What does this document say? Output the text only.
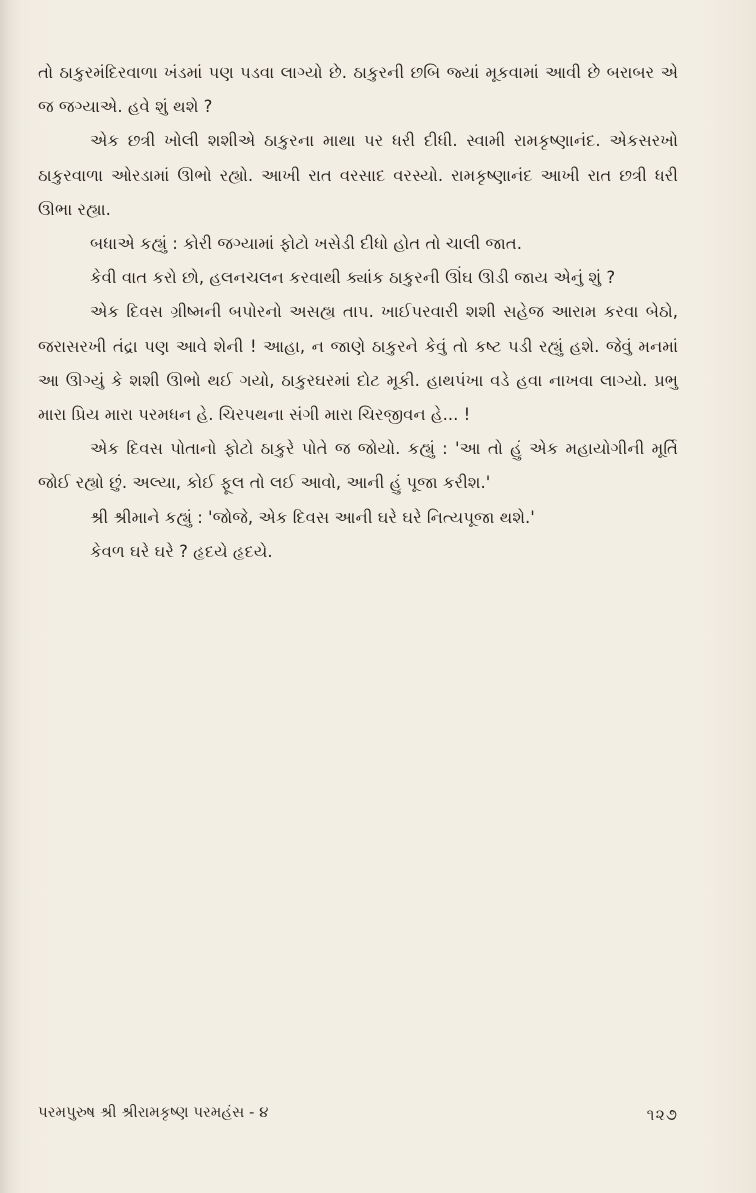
તો ઠાકુરમંદિરવાળા ખંડમાં પણ પડવા લાગ્યો છે. ઠાકુરની છબિ જ્યાં મૂકવામાં આવી છે બરાબર એ જ જગ્યાએ. હવે શું થશે ?

એક છત્રી ખોલી શશીએ ઠાકુરના માથા પર ધરી દીધી. સ્વામી રામકૃષ્ણાનંદ. એકસરખો ઠાકુરવાળા ઓરડામાં ઊભો રહ્યો. આખી રાત વરસાદ વરસ્યો. રામકૃષ્ણાનંદ આખી રાત છત્રી ધરી ઊભા રહ્યા.

બધાએ કહ્યું : કોરી જગ્યામાં ફોટો ખસેડી દીધો હોત તો ચાલી જાત.

કેવી વાત કરો છો, હલનચલન કરવાથી ક્યાંક ઠાકુરની ઊંઘ ઊડી જાય એનું શું ?

એક દિવસ ગ્રીષ્મની બપોરનો અસહ્ય તાપ. ખાઈપરવારી શશી સહેજ આરામ કરવા બેઠો, જરાસરખી તંદ્રા પણ આવે શેની ! આહા, ન જાણે ઠાકુરને કેવું તો કષ્ટ પડી રહ્યું હશે. જેવું મનમાં આ ઊગ્યું કે શશી ઊભો થઈ ગયો, ઠાકુરઘરમાં દોટ મૂકી. હાથપંખા વડે હવા નાખવા લાગ્યો. પ્રભુ મારા પ્રિય મારા પરમધન હે. ચિરપથના સંગી મારા ચિરજીવન હે... !

એક દિવસ પોતાનો ફોટો ઠાકુરે પોતે જ જોયો. કહ્યું : 'આ તો હું એક મહાયોગીની મૂર્તિ જોઈ રહ્યો છું. અલ્યા, કોઈ ફૂલ તો લઈ આવો, આની હું પૂજા કરીશ.'

શ્રી શ્રીમાને કહ્યું : 'જોજે, એક દિવસ આની ઘરે ઘરે નિત્યપૂજા થશે.'

કેવળ ઘરે ઘરે ? હૃદયે હૃદયે.

પરમપુરુષ શ્રી શ્રીરામકૃષ્ણ પરમહંસ - ૪	૧૨૭
